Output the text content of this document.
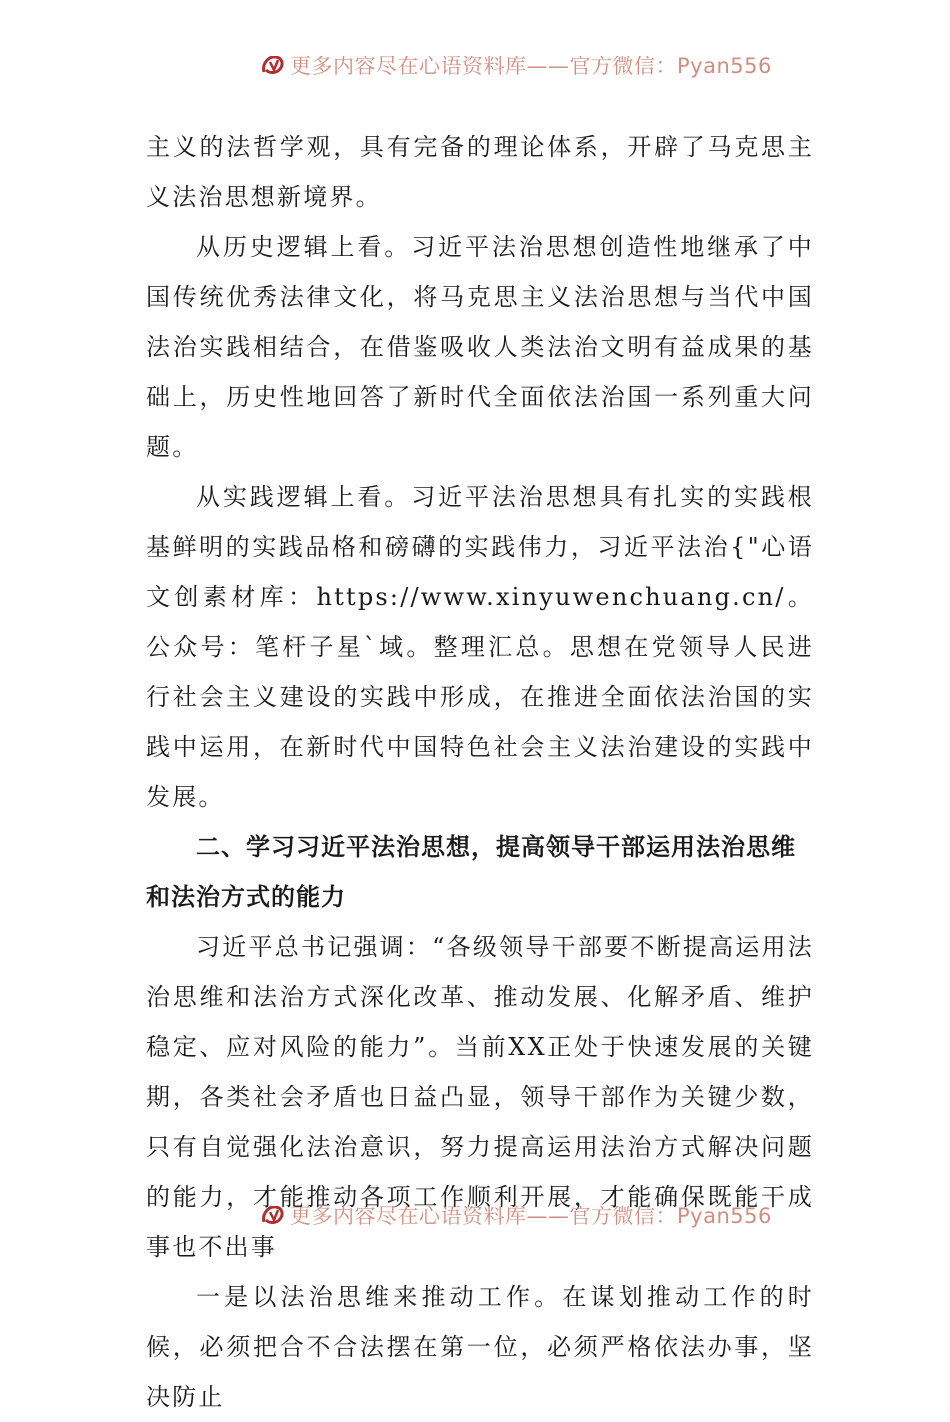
更多内容尽在心语资料库——官方微信：Pyan556

主义的法哲学观，具有完备的理论体系，开辟了马克思主义法治思想新境界。

从历史逻辑上看。习近平法治思想创造性地继承了中国传统优秀法律文化，将马克思主义法治思想与当代中国法治实践相结合，在借鉴吸收人类法治文明有益成果的基础上，历史性地回答了新时代全面依法治国一系列重大问题。

从实践逻辑上看。习近平法治思想具有扎实的实践根基鲜明的实践品格和磅礴的实践伟力，习近平法治{"心语文创素材库：https://www.xinyuwenchuang.cn/。公众号：笔杆子星`域。整理汇总。思想在党领导人民进行社会主义建设的实践中形成，在推进全面依法治国的实践中运用，在新时代中国特色社会主义法治建设的实践中发展。

二、学习习近平法治思想，提高领导干部运用法治思维和法治方式的能力

习近平总书记强调：“各级领导干部要不断提高运用法治思维和法治方式深化改革、推动发展、化解矛盾、维护稳定、应对风险的能力”。当前XX正处于快速发展的关键期，各类社会矛盾也日益凸显，领导干部作为关键少数，只有自觉强化法治意识，努力提高运用法治方式解决问题的能力，才能推动各项工作顺利开展，才能确保既能干成事也不出事

一是以法治思维来推动工作。在谋划推动工作的时候，必须把合不合法摆在第一位，必须严格依法办事，坚决防止

更多内容尽在心语资料库——官方微信：Pyan556
